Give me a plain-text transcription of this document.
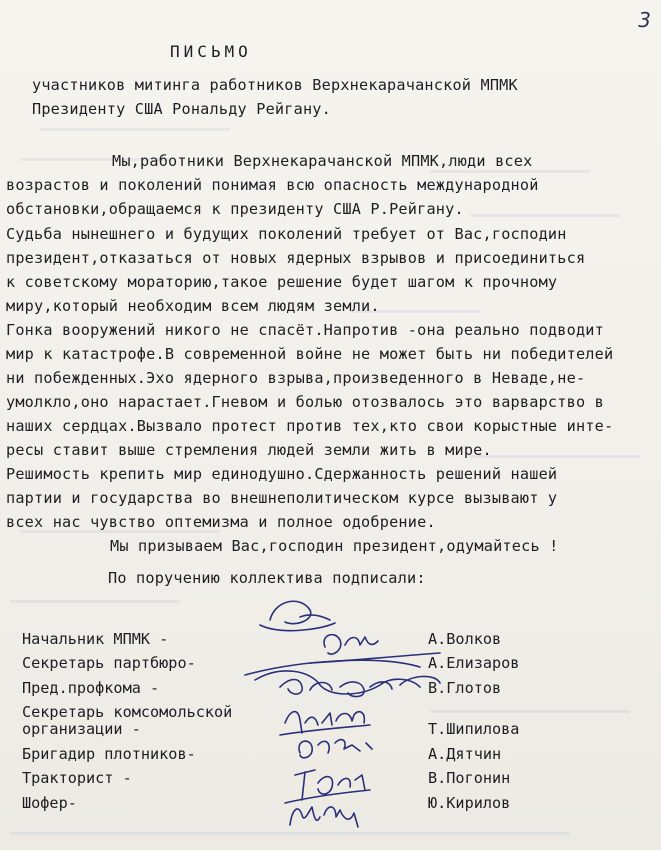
3
ПИСЬМО
участников митинга работников Верхнекарачанской МПМК
Президенту США Рональду Рейгану.
Мы,работники Верхнекарачанской МПМК,люди всех
возрастов и поколений понимая всю опасность международной
обстановки,обращаемся к президенту США Р.Рейгану.
Судьба нынешнего и будущих поколений требует от Вас,господин
президент,отказаться от новых ядерных взрывов и присоединиться
к советскому мораторию,такое решение будет шагом к прочному
миру,который необходим всем людям земли.
Гонка вооружений никого не спасёт.Напротив -она реально подводит
мир к катастрофе.В современной войне не может быть ни победителей
ни побежденных.Эхо ядерного взрыва,произведенного в Неваде,не-
умолкло,оно нарастает.Гневом и болью отозвалось это варварство в
наших сердцах.Вызвало протест против тех,кто свои корыстные инте-
ресы ставит выше стремления людей земли жить в мире.
Решимость крепить мир единодушно.Сдержанность решений нашей
партии и государства во внешнеполитическом курсе вызывают у
всех нас чувство оптемизма и полное одобрение.
Мы призываем Вас,господин президент,одумайтесь !
По поручению коллектива подписали:
Начальник МПМК -	А.Волков
Секретарь партбюро-	А.Елизаров
Пред.профкома -	В.Глотов
Секретарь комсомольской
организации -	Т.Шипилова
Бригадир плотников-	А.Дятчин
Тракторист -	В.Погонин
Шофер-	Ю.Кирилов
